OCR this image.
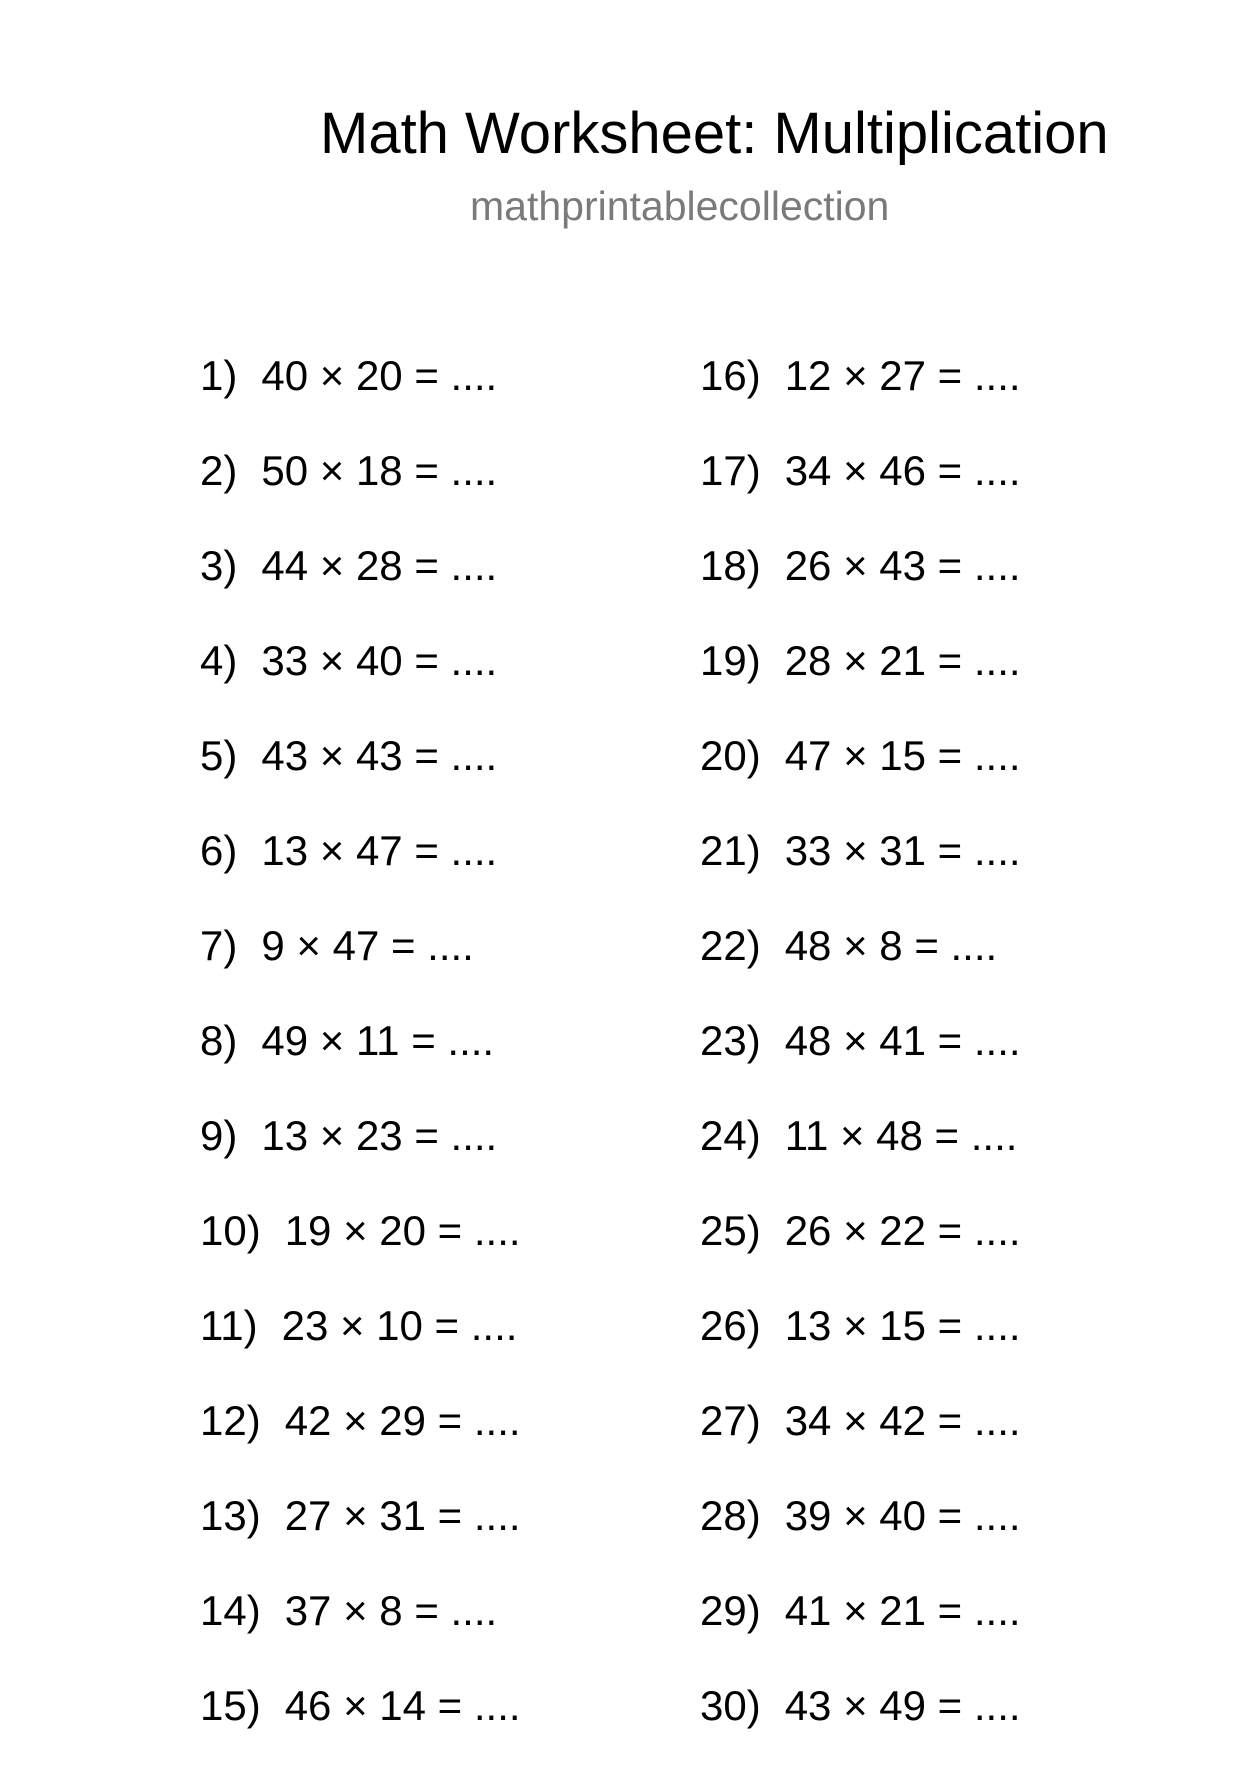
Math Worksheet: Multiplication
mathprintablecollection
1) 40 × 20 = ....
2) 50 × 18 = ....
3) 44 × 28 = ....
4) 33 × 40 = ....
5) 43 × 43 = ....
6) 13 × 47 = ....
7) 9 × 47 = ....
8) 49 × 11 = ....
9) 13 × 23 = ....
10) 19 × 20 = ....
11) 23 × 10 = ....
12) 42 × 29 = ....
13) 27 × 31 = ....
14) 37 × 8 = ....
15) 46 × 14 = ....
16) 12 × 27 = ....
17) 34 × 46 = ....
18) 26 × 43 = ....
19) 28 × 21 = ....
20) 47 × 15 = ....
21) 33 × 31 = ....
22) 48 × 8 = ....
23) 48 × 41 = ....
24) 11 × 48 = ....
25) 26 × 22 = ....
26) 13 × 15 = ....
27) 34 × 42 = ....
28) 39 × 40 = ....
29) 41 × 21 = ....
30) 43 × 49 = ....
